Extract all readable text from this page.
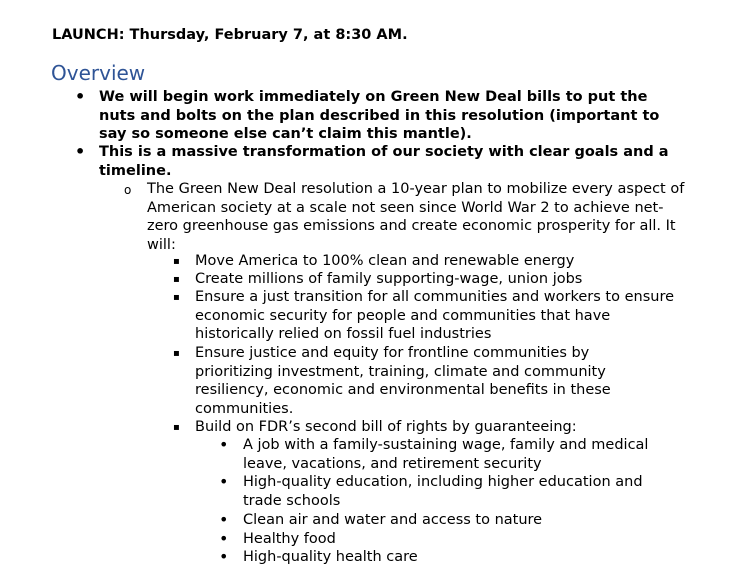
LAUNCH: Thursday, February 7, at 8:30 AM.
Overview
• We will begin work immediately on Green New Deal bills to put the nuts and bolts on the plan described in this resolution (important to say so someone else can’t claim this mantle).

• This is a massive transformation of our society with clear goals and a timeline.

o The Green New Deal resolution a 10-year plan to mobilize every aspect of American society at a scale not seen since World War 2 to achieve net-zero greenhouse gas emissions and create economic prosperity for all. It will:

▪ Move America to 100% clean and renewable energy

▪ Create millions of family supporting-wage, union jobs

▪ Ensure a just transition for all communities and workers to ensure economic security for people and communities that have historically relied on fossil fuel industries

▪ Ensure justice and equity for frontline communities by prioritizing investment, training, climate and community resiliency, economic and environmental benefits in these communities.

▪ Build on FDR’s second bill of rights by guaranteeing:

• A job with a family-sustaining wage, family and medical leave, vacations, and retirement security

• High-quality education, including higher education and trade schools

• Clean air and water and access to nature

• Healthy food

• High-quality health care
